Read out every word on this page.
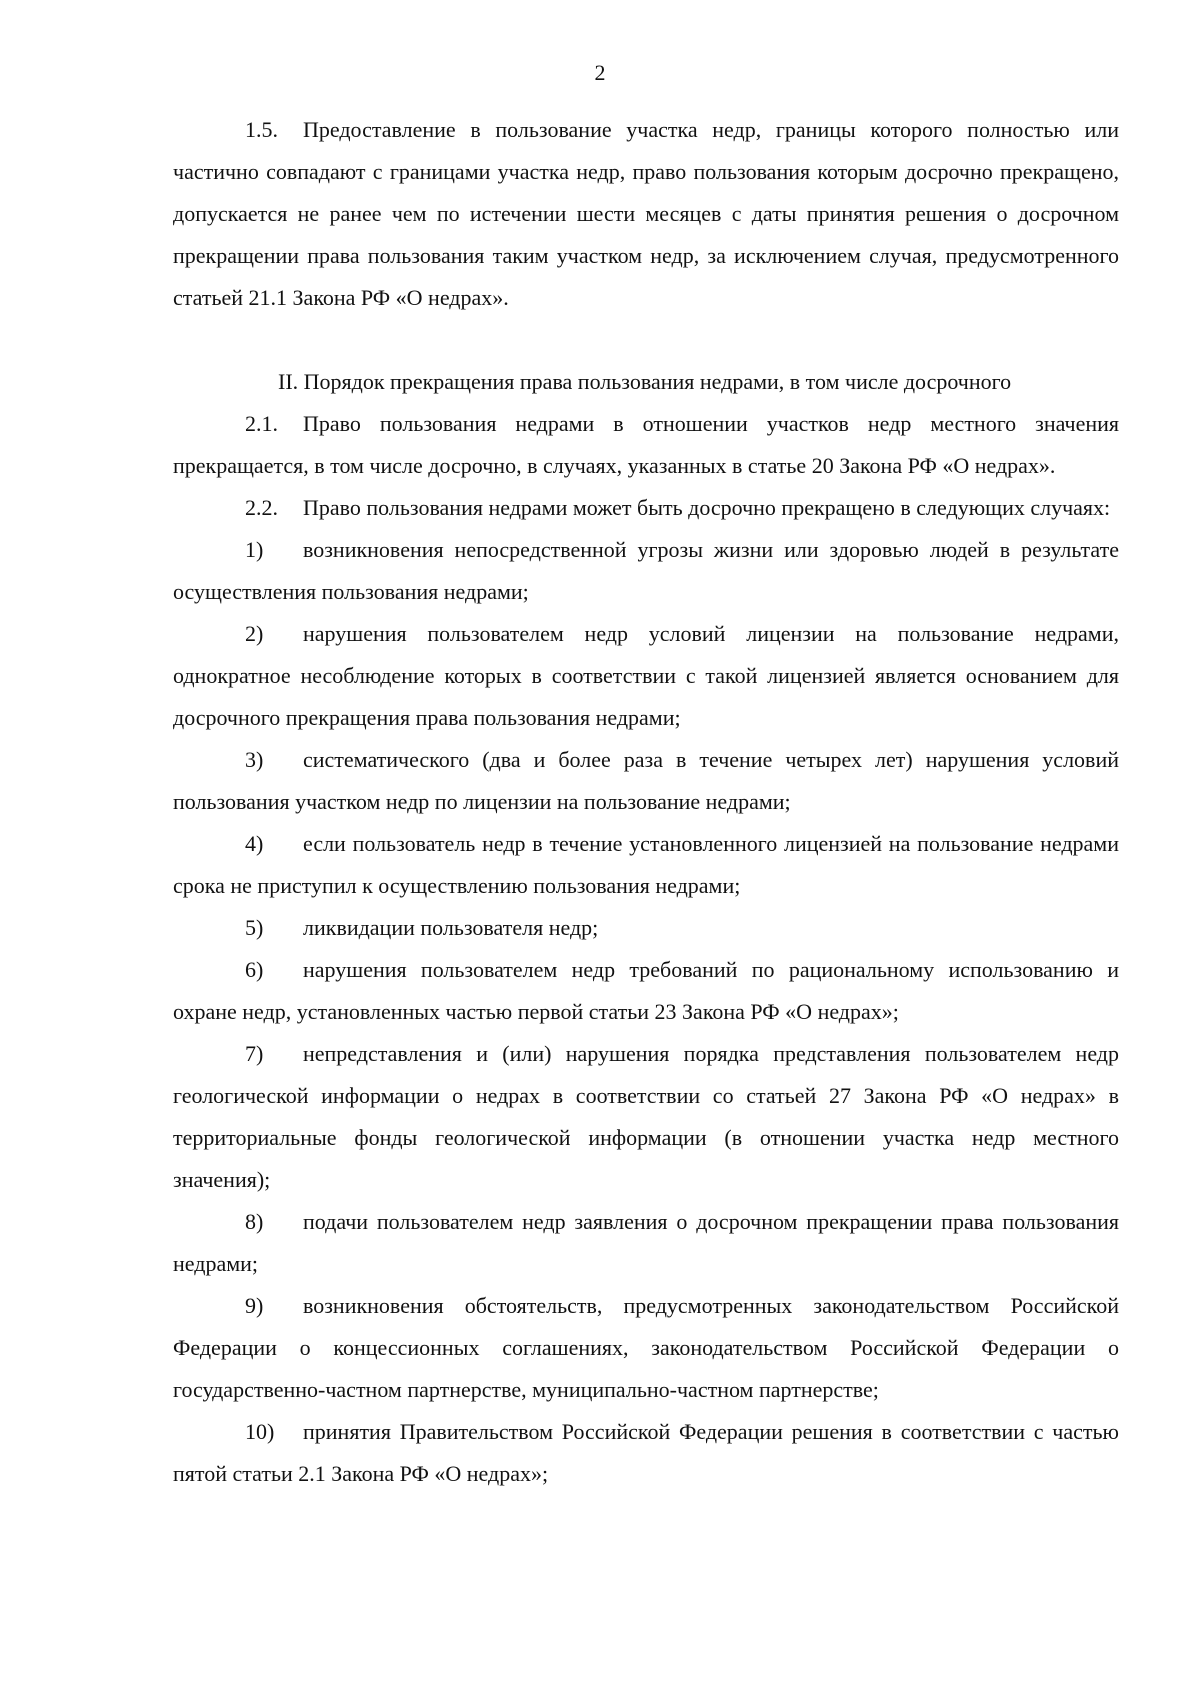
2

1.5. Предоставление в пользование участка недр, границы которого полностью или частично совпадают с границами участка недр, право пользования которым досрочно прекращено, допускается не ранее чем по истечении шести месяцев с даты принятия решения о досрочном прекращении права пользования таким участком недр, за исключением случая, предусмотренного статьей 21.1 Закона РФ «О недрах».

II. Порядок прекращения права пользования недрами, в том числе досрочного

2.1. Право пользования недрами в отношении участков недр местного значения прекращается, в том числе досрочно, в случаях, указанных в статье 20 Закона РФ «О недрах».

2.2. Право пользования недрами может быть досрочно прекращено в следующих случаях:

1) возникновения непосредственной угрозы жизни или здоровью людей в результате осуществления пользования недрами;

2) нарушения пользователем недр условий лицензии на пользование недрами, однократное несоблюдение которых в соответствии с такой лицензией является основанием для досрочного прекращения права пользования недрами;

3) систематического (два и более раза в течение четырех лет) нарушения условий пользования участком недр по лицензии на пользование недрами;

4) если пользователь недр в течение установленного лицензией на пользование недрами срока не приступил к осуществлению пользования недрами;

5) ликвидации пользователя недр;

6) нарушения пользователем недр требований по рациональному использованию и охране недр, установленных частью первой статьи 23 Закона РФ «О недрах»;

7) непредставления и (или) нарушения порядка представления пользователем недр геологической информации о недрах в соответствии со статьей 27 Закона РФ «О недрах» в территориальные фонды геологической информации (в отношении участка недр местного значения);

8) подачи пользователем недр заявления о досрочном прекращении права пользования недрами;

9) возникновения обстоятельств, предусмотренных законодательством Российской Федерации о концессионных соглашениях, законодательством Российской Федерации о государственно-частном партнерстве, муниципально-частном партнерстве;

10) принятия Правительством Российской Федерации решения в соответствии с частью пятой статьи 2.1 Закона РФ «О недрах»;
